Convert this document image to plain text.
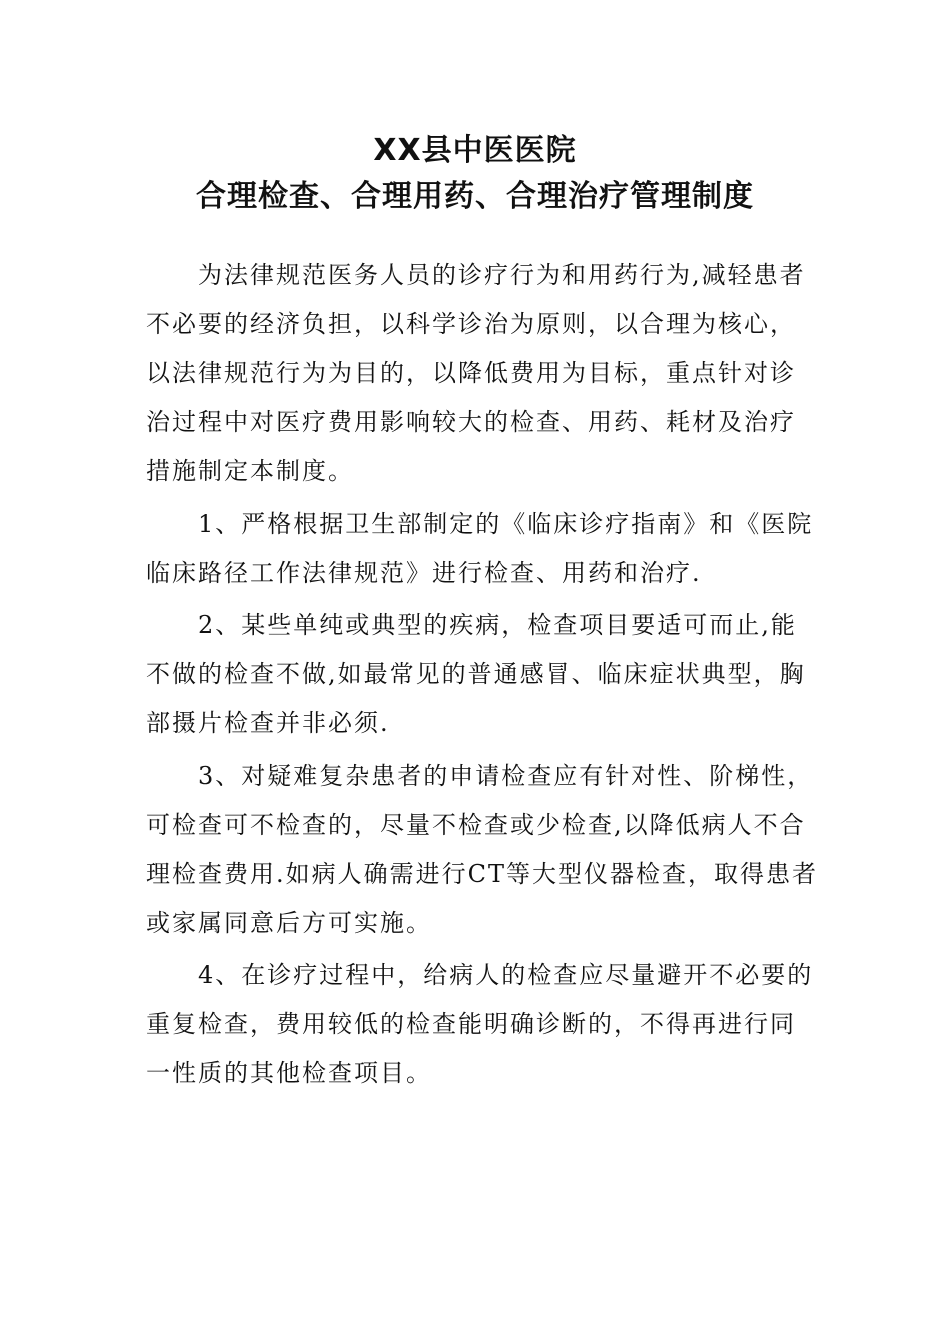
XX县中医医院
合理检查、合理用药、合理治疗管理制度
为法律规范医务人员的诊疗行为和用药行为,减轻患者
不必要的经济负担，以科学诊治为原则，以合理为核心，
以法律规范行为为目的，以降低费用为目标，重点针对诊
治过程中对医疗费用影响较大的检查、用药、耗材及治疗
措施制定本制度。
1、严格根据卫生部制定的《临床诊疗指南》和《医院
临床路径工作法律规范》进行检查、用药和治疗.
2、某些单纯或典型的疾病，检查项目要适可而止,能
不做的检查不做,如最常见的普通感冒、临床症状典型，胸
部摄片检查并非必须.
3、对疑难复杂患者的申请检查应有针对性、阶梯性，
可检查可不检查的，尽量不检查或少检查,以降低病人不合
理检查费用.如病人确需进行CT等大型仪器检查，取得患者
或家属同意后方可实施。
4、在诊疗过程中，给病人的检查应尽量避开不必要的
重复检查，费用较低的检查能明确诊断的，不得再进行同
一性质的其他检查项目。
